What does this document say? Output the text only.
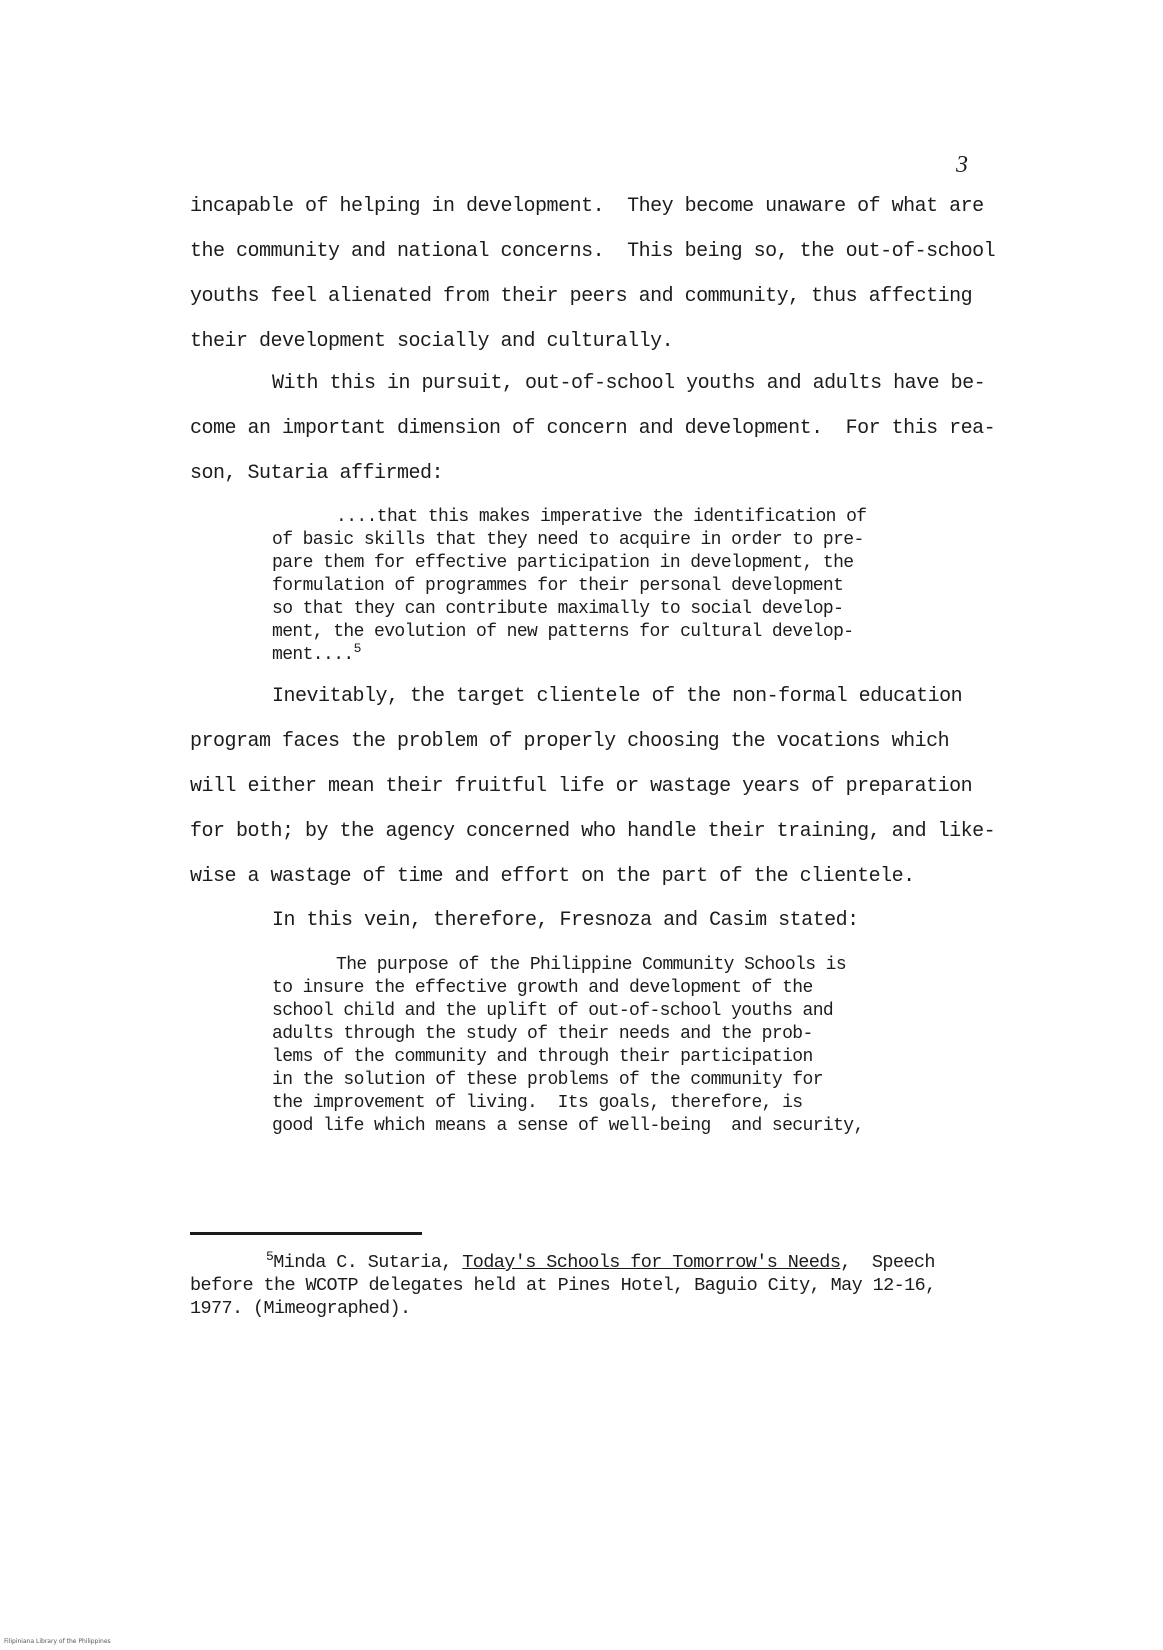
3
incapable of helping in development.  They become unaware of what are
the community and national concerns.  This being so, the out-of-school
youths feel alienated from their peers and community, thus affecting
their development socially and culturally.
With this in pursuit, out-of-school youths and adults have be-
come an important dimension of concern and development.  For this rea-
son, Sutaria affirmed:
....that this makes imperative the identification of
of basic skills that they need to acquire in order to pre-
pare them for effective participation in development, the
formulation of programmes for their personal development
so that they can contribute maximally to social develop-
ment, the evolution of new patterns for cultural develop-
ment....$^5$
Inevitably, the target clientele of the non-formal education
program faces the problem of properly choosing the vocations which
will either mean their fruitful life or wastage years of preparation
for both; by the agency concerned who handle their training, and like-
wise a wastage of time and effort on the part of the clientele.
In this vein, therefore, Fresnoza and Casim stated:
The purpose of the Philippine Community Schools is
to insure the effective growth and development of the
school child and the uplift of out-of-school youths and
adults through the study of their needs and the prob-
lems of the community and through their participation
in the solution of these problems of the community for
the improvement of living.  Its goals, therefore, is
good life which means a sense of well-being  and security,
$^5$Minda C. Sutaria, Today's Schools for Tomorrow's Needs,  Speech
before the WCOTP delegates held at Pines Hotel, Baguio City, May 12-16,
1977. (Mimeographed).
Filipiniana Library of the Philippines
